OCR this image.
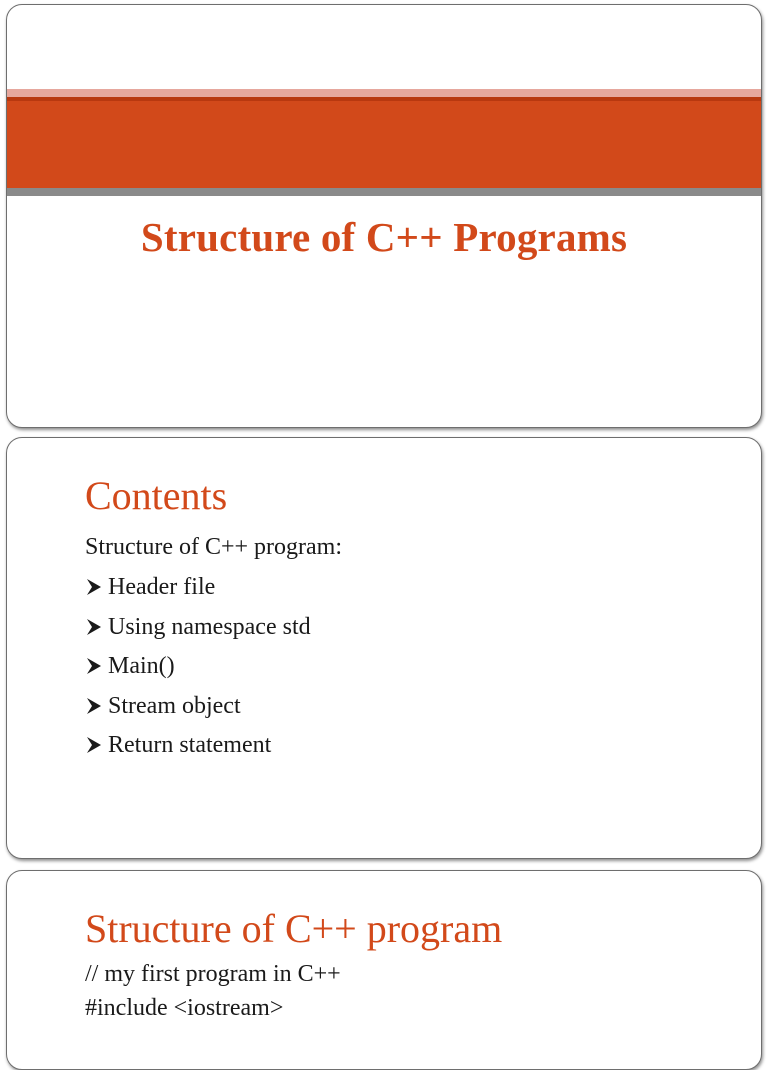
Structure of C++ Programs
Contents
Structure of C++ program:
Header file
Using namespace std
Main()
Stream object
Return statement
Structure of C++ program
// my first program in C++
#include <iostream>
